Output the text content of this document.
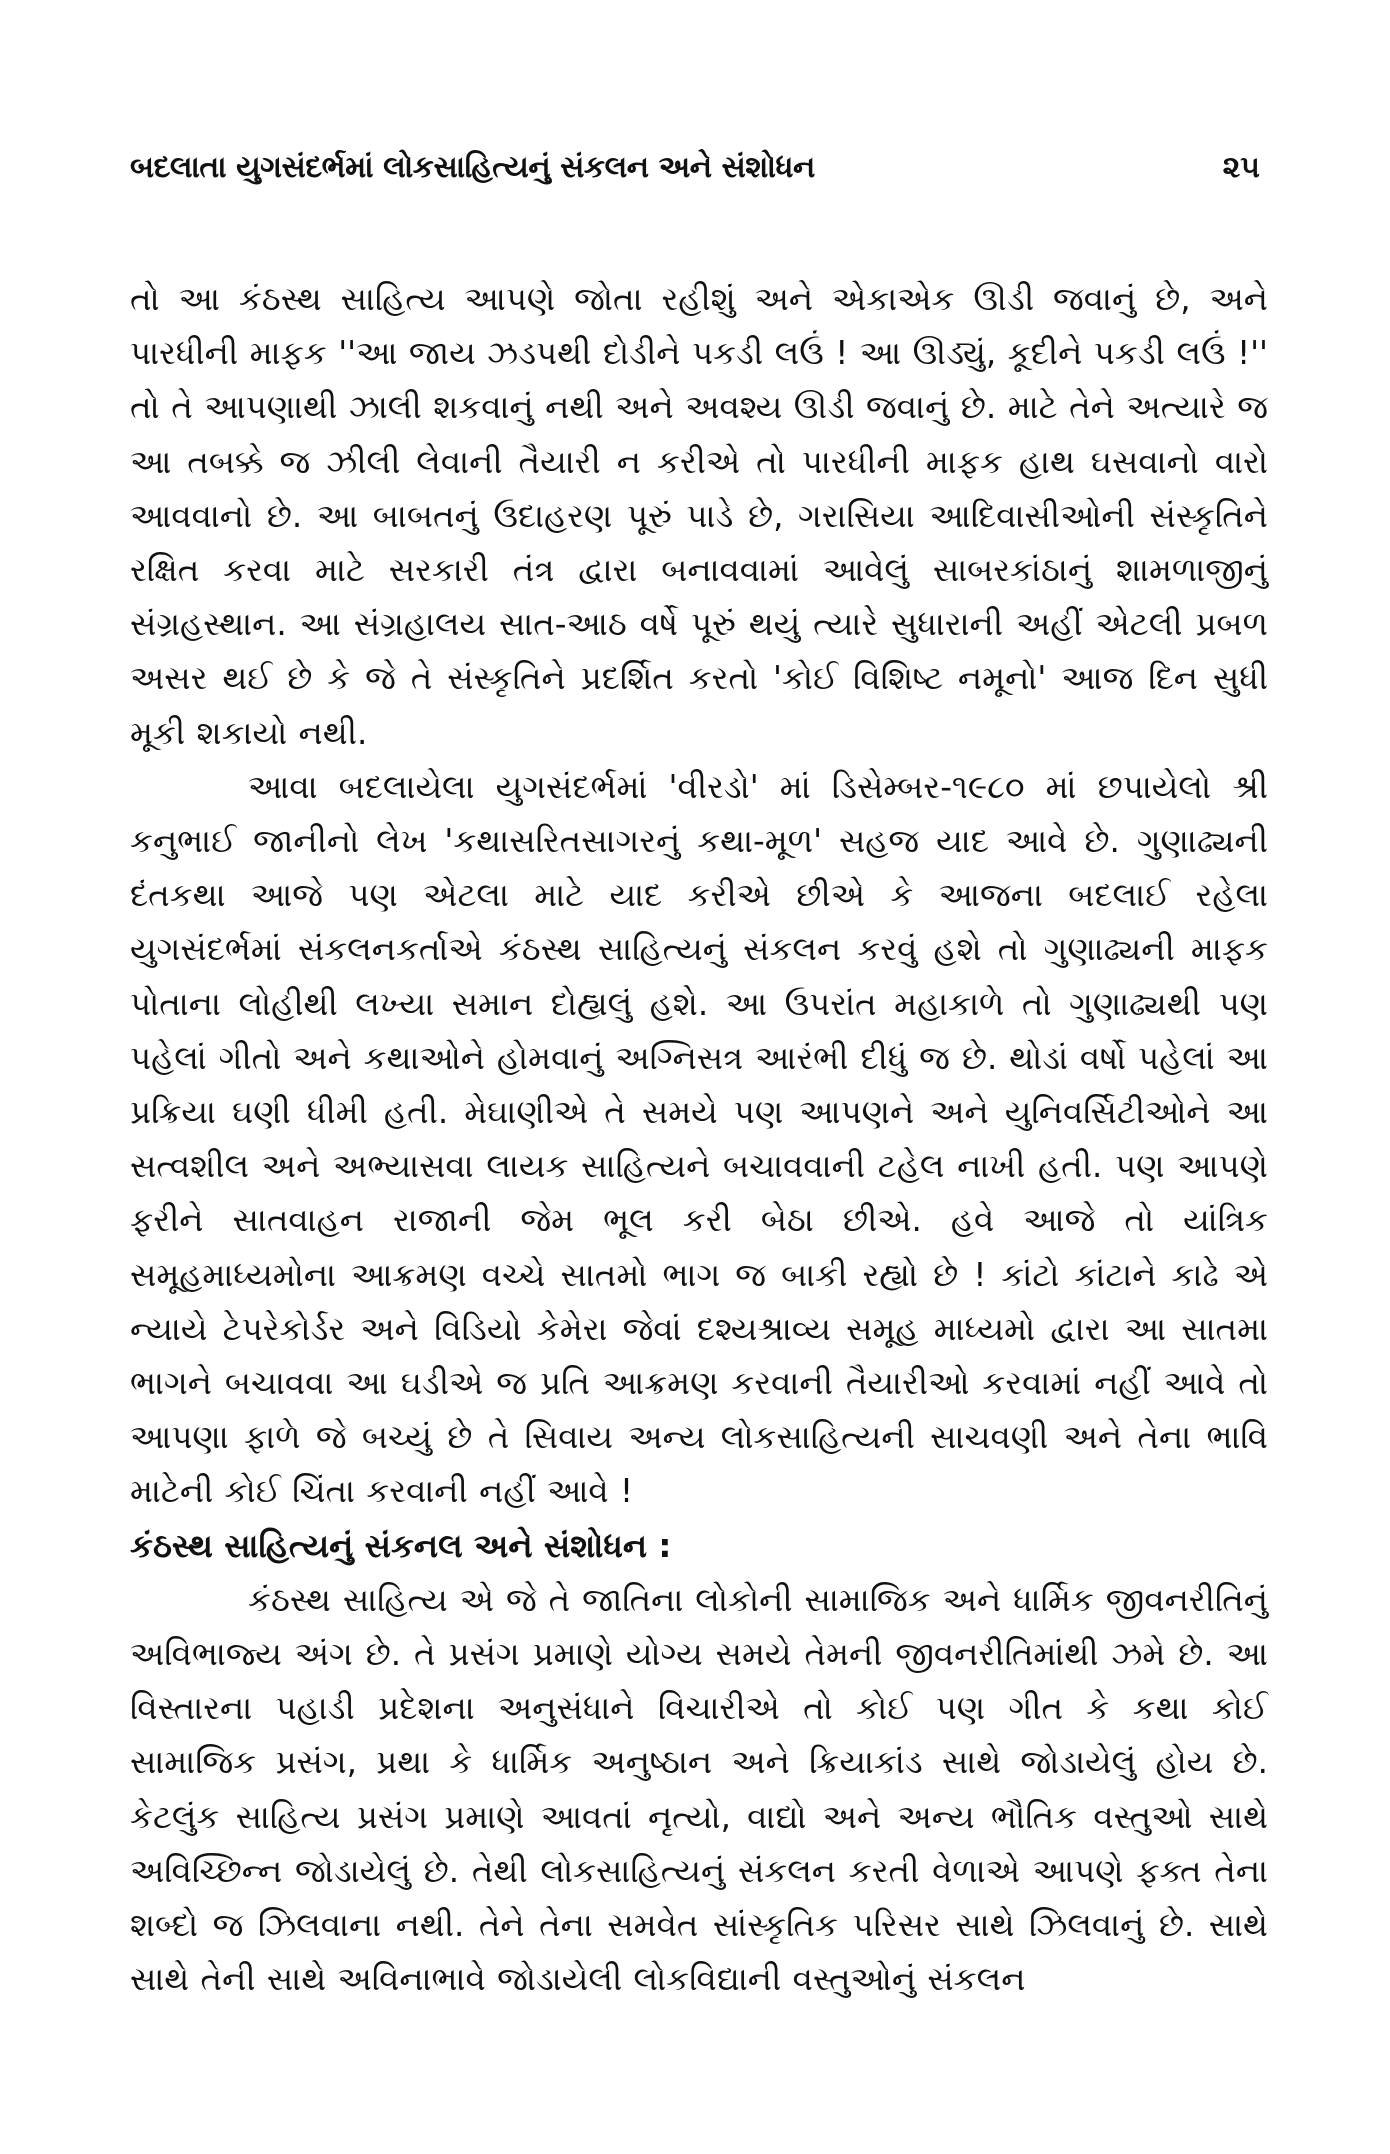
બદલાતા યુગસંદર્ભમાં લોકસાહિત્યનું સંકલન અને સંશોધન	૨૫

તો આ કંઠસ્થ સાહિત્ય આપણે જોતા રહીશું અને એકાએક ઊડી જવાનું છે, અને પારધીની માફક ''આ જાય ઝડપથી દોડીને પકડી લઉં ! આ ઊડ્યું, કૂદીને પકડી લઉં !'' તો તે આપણાથી ઝાલી શકવાનું નથી અને અવશ્ય ઊડી જવાનું છે. માટે તેને અત્યારે જ આ તબક્કે જ ઝીલી લેવાની તૈયારી ન કરીએ તો પારધીની માફક હાથ ઘસવાનો વારો આવવાનો છે. આ બાબતનું ઉદાહરણ પૂરું પાડે છે, ગરાસિયા આદિવાસીઓની સંસ્કૃતિને રક્ષિત કરવા માટે સરકારી તંત્ર દ્વારા બનાવવામાં આવેલું સાબરકાંઠાનું શામળાજીનું સંગ્રહસ્થાન. આ સંગ્રહાલય સાત-આઠ વર્ષે પૂરું થયું ત્યારે સુધારાની અહીં એટલી પ્રબળ અસર થઈ છે કે જે તે સંસ્કૃતિને પ્રદર્શિત કરતો 'કોઈ વિશિષ્ટ નમૂનો' આજ દિન સુધી મૂકી શકાયો નથી.

આવા બદલાયેલા યુગસંદર્ભમાં 'વીરડો' માં ડિસેમ્બર-૧૯૮૦ માં છપાયેલો શ્રી કનુભાઈ જાનીનો લેખ 'કથાસરિતસાગરનું કથા-મૂળ' સહજ યાદ આવે છે. ગુણાઢ્યની દંતકથા આજે પણ એટલા માટે યાદ કરીએ છીએ કે આજના બદલાઈ રહેલા યુગસંદર્ભમાં સંકલનકર્તાએ કંઠસ્થ સાહિત્યનું સંકલન કરવું હશે તો ગુણાઢ્યની માફક પોતાના લોહીથી લખ્યા સમાન દોહ્યલું હશે. આ ઉપરાંત મહાકાળે તો ગુણાઢ્યથી પણ પહેલાં ગીતો અને કથાઓને હોમવાનું અગ્નિસત્ર આરંભી દીધું જ છે. થોડાં વર્ષો પહેલાં આ પ્રક્રિયા ઘણી ધીમી હતી. મેઘાણીએ તે સમયે પણ આપણને અને યુનિવર્સિટીઓને આ સત્વશીલ અને અભ્યાસવા લાયક સાહિત્યને બચાવવાની ટહેલ નાખી હતી. પણ આપણે ફરીને સાતવાહન રાજાની જેમ ભૂલ કરી બેઠા છીએ. હવે આજે તો યાંત્રિક સમૂહમાધ્યમોના આક્રમણ વચ્ચે સાતમો ભાગ જ બાકી રહ્યો છે ! કાંટો કાંટાને કાઢે એ ન્યાયે ટેપરેકોર્ડર અને વિડિયો કેમેરા જેવાં દશ્યશ્રાવ્ય સમૂહ માધ્યમો દ્વારા આ સાતમા ભાગને બચાવવા આ ઘડીએ જ પ્રતિ આક્રમણ કરવાની તૈયારીઓ કરવામાં નહીં આવે તો આપણા ફાળે જે બચ્યું છે તે સિવાય અન્ય લોકસાહિત્યની સાચવણી અને તેના ભાવિ માટેની કોઈ ચિંતા કરવાની નહીં આવે !

કંઠસ્થ સાહિત્યનું સંકનલ અને સંશોધન :

કંઠસ્થ સાહિત્ય એ જે તે જાતિના લોકોની સામાજિક અને ધાર્મિક જીવનરીતિનું અવિભાજ્ય અંગ છે. તે પ્રસંગ પ્રમાણે યોગ્ય સમયે તેમની જીવનરીતિમાંથી ઝમે છે. આ વિસ્તારના પહાડી પ્રદેશના અનુસંધાને વિચારીએ તો કોઈ પણ ગીત કે કથા કોઈ સામાજિક પ્રસંગ, પ્રથા કે ધાર્મિક અનુષ્ઠાન અને ક્રિયાકાંડ સાથે જોડાયેલું હોય છે. કેટલુંક સાહિત્ય પ્રસંગ પ્રમાણે આવતાં નૃત્યો, વાદ્યો અને અન્ય ભૌતિક વસ્તુઓ સાથે અવિચ્છિન્ન જોડાયેલું છે. તેથી લોકસાહિત્યનું સંકલન કરતી વેળાએ આપણે ફક્ત તેના શબ્દો જ ઝિલવાના નથી. તેને તેના સમવેત સાંસ્કૃતિક પરિસર સાથે ઝિલવાનું છે. સાથે સાથે તેની સાથે અવિનાભાવે જોડાયેલી લોકવિદ્યાની વસ્તુઓનું સંકલન
